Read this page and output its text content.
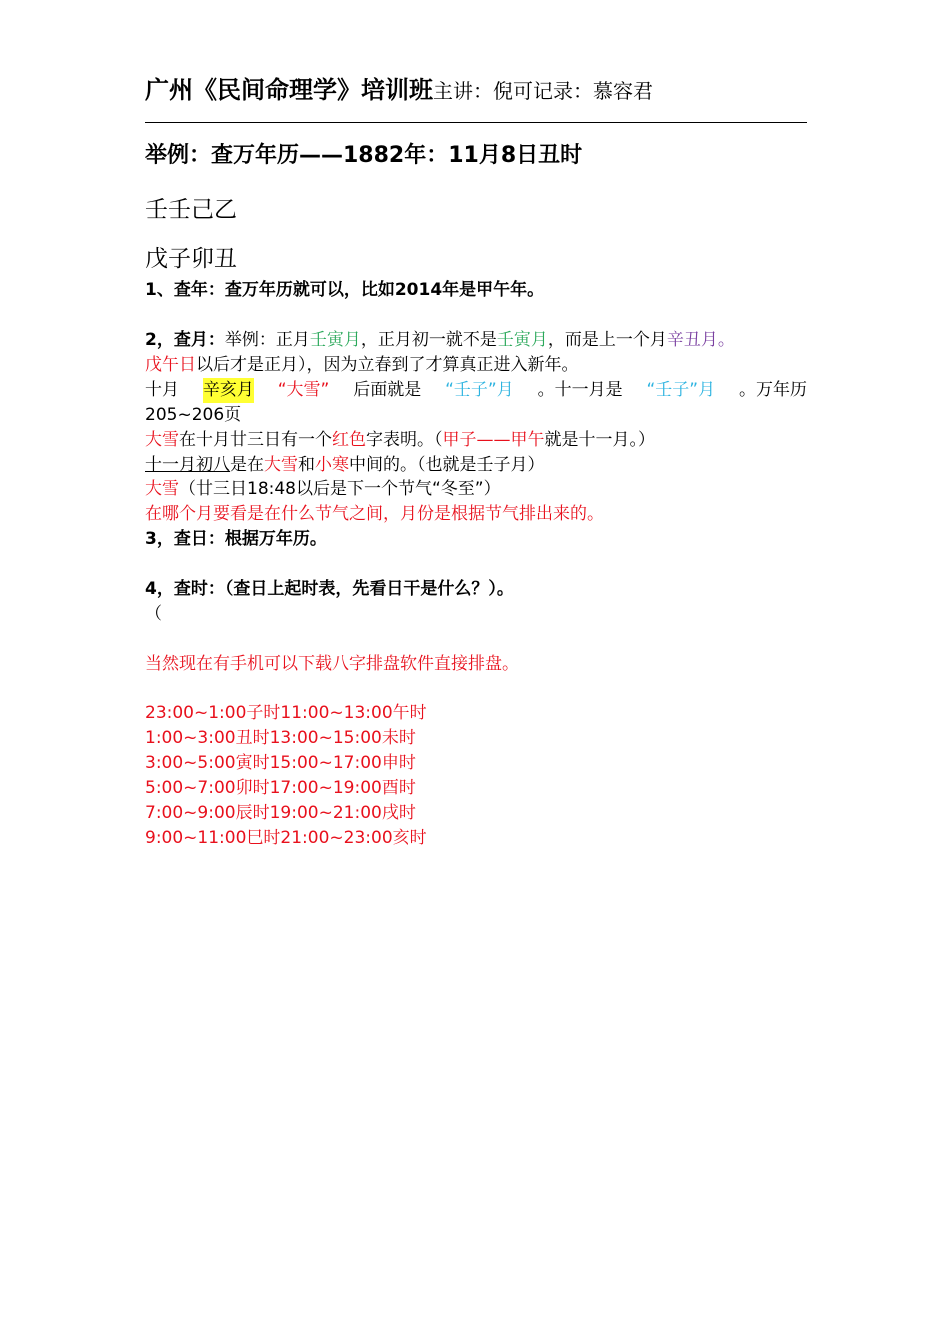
广州《民间命理学》培训班主讲：倪可记录：慕容君
举例：查万年历——1882年：11月8日丑时
壬壬己乙
戊子卯丑
1、查年：查万年历就可以，比如2014年是甲午年。
2，查月：举例：正月壬寅月，正月初一就不是壬寅月，而是上一个月辛丑月。
戊午日以后才是正月），因为立春到了才算真正进入新年。
十月 辛亥月 “大雪” 后面就是 “壬子”月 。十一月是 “壬子”月 。万年历
205~206页
大雪在十月廿三日有一个红色字表明。（甲子——甲午就是十一月。）
十一月初八是在大雪和小寒中间的。（也就是壬子月）
大雪（廿三日18:48以后是下一个节气“冬至”）
在哪个月要看是在什么节气之间，月份是根据节气排出来的。
3，查日：根据万年历。
4，查时：（查日上起时表，先看日干是什么？）。
（
当然现在有手机可以下载八字排盘软件直接排盘。
23:00~1:00子时11:00~13:00午时
1:00~3:00丑时13:00~15:00未时
3:00~5:00寅时15:00~17:00申时
5:00~7:00卯时17:00~19:00酉时
7:00~9:00辰时19:00~21:00戌时
9:00~11:00巳时21:00~23:00亥时
